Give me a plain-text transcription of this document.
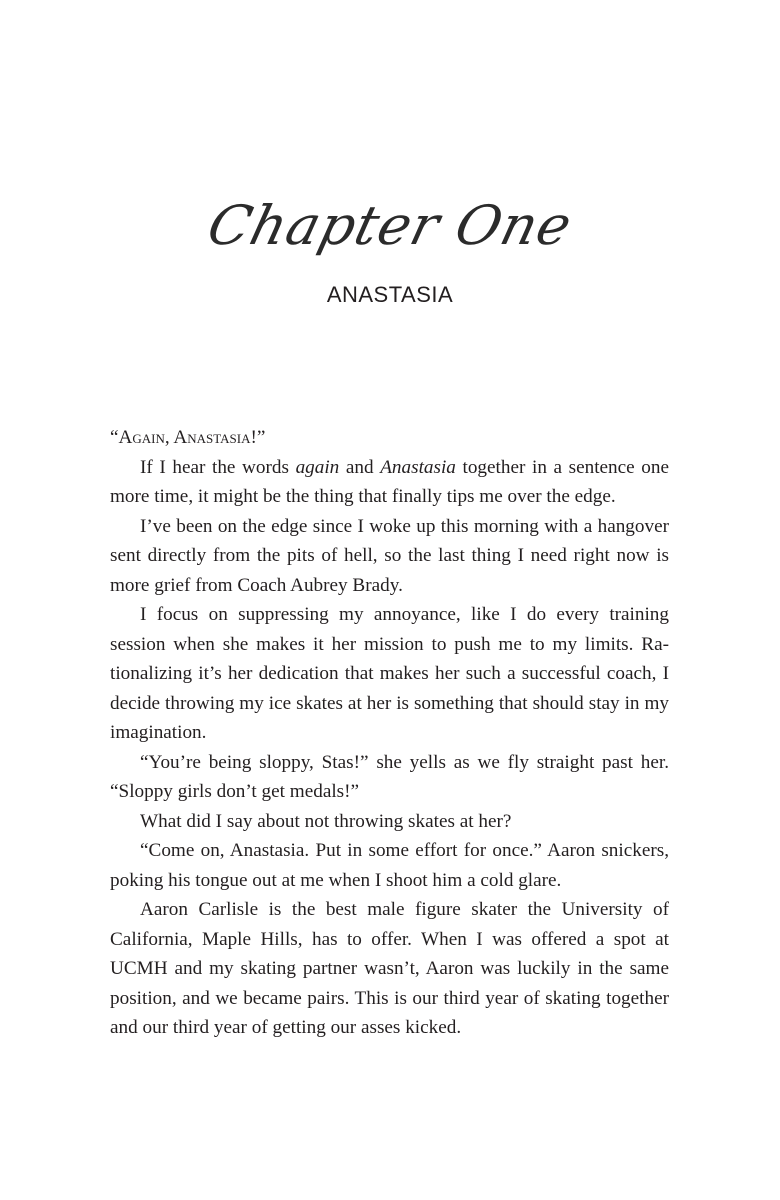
Chapter One
ANASTASIA

“Again, Anastasia!”

If I hear the words again and Anastasia together in a sentence one more time, it might be the thing that finally tips me over the edge.

I’ve been on the edge since I woke up this morning with a hangover sent directly from the pits of hell, so the last thing I need right now is more grief from Coach Aubrey Brady.

I focus on suppressing my annoyance, like I do every training session when she makes it her mission to push me to my limits. Rationalizing it’s her dedication that makes her such a successful coach, I decide throwing my ice skates at her is something that should stay in my imagination.

“You’re being sloppy, Stas!” she yells as we fly straight past her. “Sloppy girls don’t get medals!”

What did I say about not throwing skates at her?

“Come on, Anastasia. Put in some effort for once.” Aaron snickers, poking his tongue out at me when I shoot him a cold glare.

Aaron Carlisle is the best male figure skater the University of California, Maple Hills, has to offer. When I was offered a spot at UCMH and my skating partner wasn’t, Aaron was luckily in the same position, and we became pairs. This is our third year of skating together and our third year of getting our asses kicked.
